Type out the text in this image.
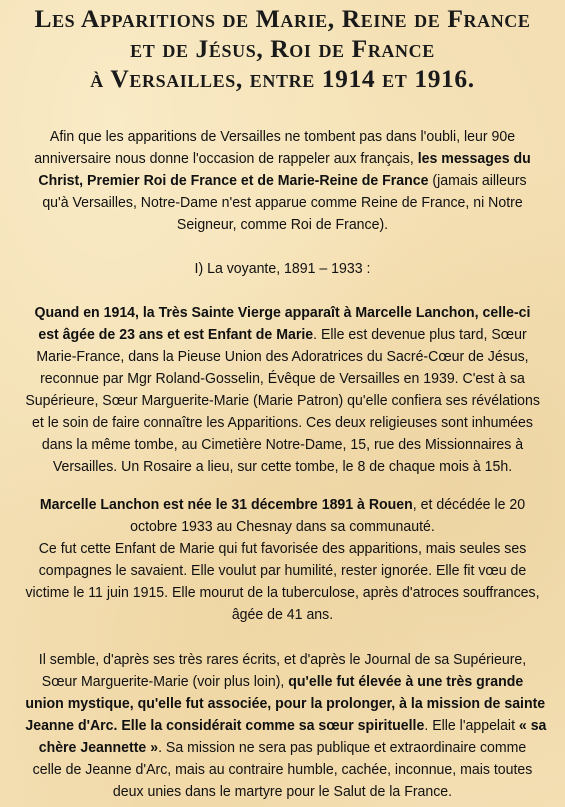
Les Apparitions de Marie, Reine de France
et de Jésus, Roi de France
à Versailles, entre 1914 et 1916.
Afin que les apparitions de Versailles ne tombent pas dans l'oubli, leur 90e
anniversaire nous donne l'occasion de rappeler aux français, les messages du
Christ, Premier Roi de France et de Marie-Reine de France (jamais ailleurs
qu'à Versailles, Notre-Dame n'est apparue comme Reine de France, ni Notre
Seigneur, comme Roi de France).
I) La voyante, 1891 – 1933 :
Quand en 1914, la Très Sainte Vierge apparaît à Marcelle Lanchon, celle-ci
est âgée de 23 ans et est Enfant de Marie. Elle est devenue plus tard, Sœur
Marie-France, dans la Pieuse Union des Adoratrices du Sacré-Cœur de Jésus,
reconnue par Mgr Roland-Gosselin, Évêque de Versailles en 1939. C'est à sa
Supérieure, Sœur Marguerite-Marie (Marie Patron) qu'elle confiera ses révélations
et le soin de faire connaître les Apparitions. Ces deux religieuses sont inhumées
dans la même tombe, au Cimetière Notre-Dame, 15, rue des Missionnaires à
Versailles. Un Rosaire a lieu, sur cette tombe, le 8 de chaque mois à 15h.
Marcelle Lanchon est née le 31 décembre 1891 à Rouen, et décédée le 20
octobre 1933 au Chesnay dans sa communauté.
Ce fut cette Enfant de Marie qui fut favorisée des apparitions, mais seules ses
compagnes le savaient. Elle voulut par humilité, rester ignorée. Elle fit vœu de
victime le 11 juin 1915. Elle mourut de la tuberculose, après d'atroces souffrances,
âgée de 41 ans.
Il semble, d'après ses très rares écrits, et d'après le Journal de sa Supérieure,
Sœur Marguerite-Marie (voir plus loin), qu'elle fut élevée à une très grande
union mystique, qu'elle fut associée, pour la prolonger, à la mission de sainte
Jeanne d'Arc. Elle la considérait comme sa sœur spirituelle. Elle l'appelait « sa
chère Jeannette ». Sa mission ne sera pas publique et extraordinaire comme
celle de Jeanne d'Arc, mais au contraire humble, cachée, inconnue, mais toutes
deux unies dans le martyre pour le Salut de la France.
